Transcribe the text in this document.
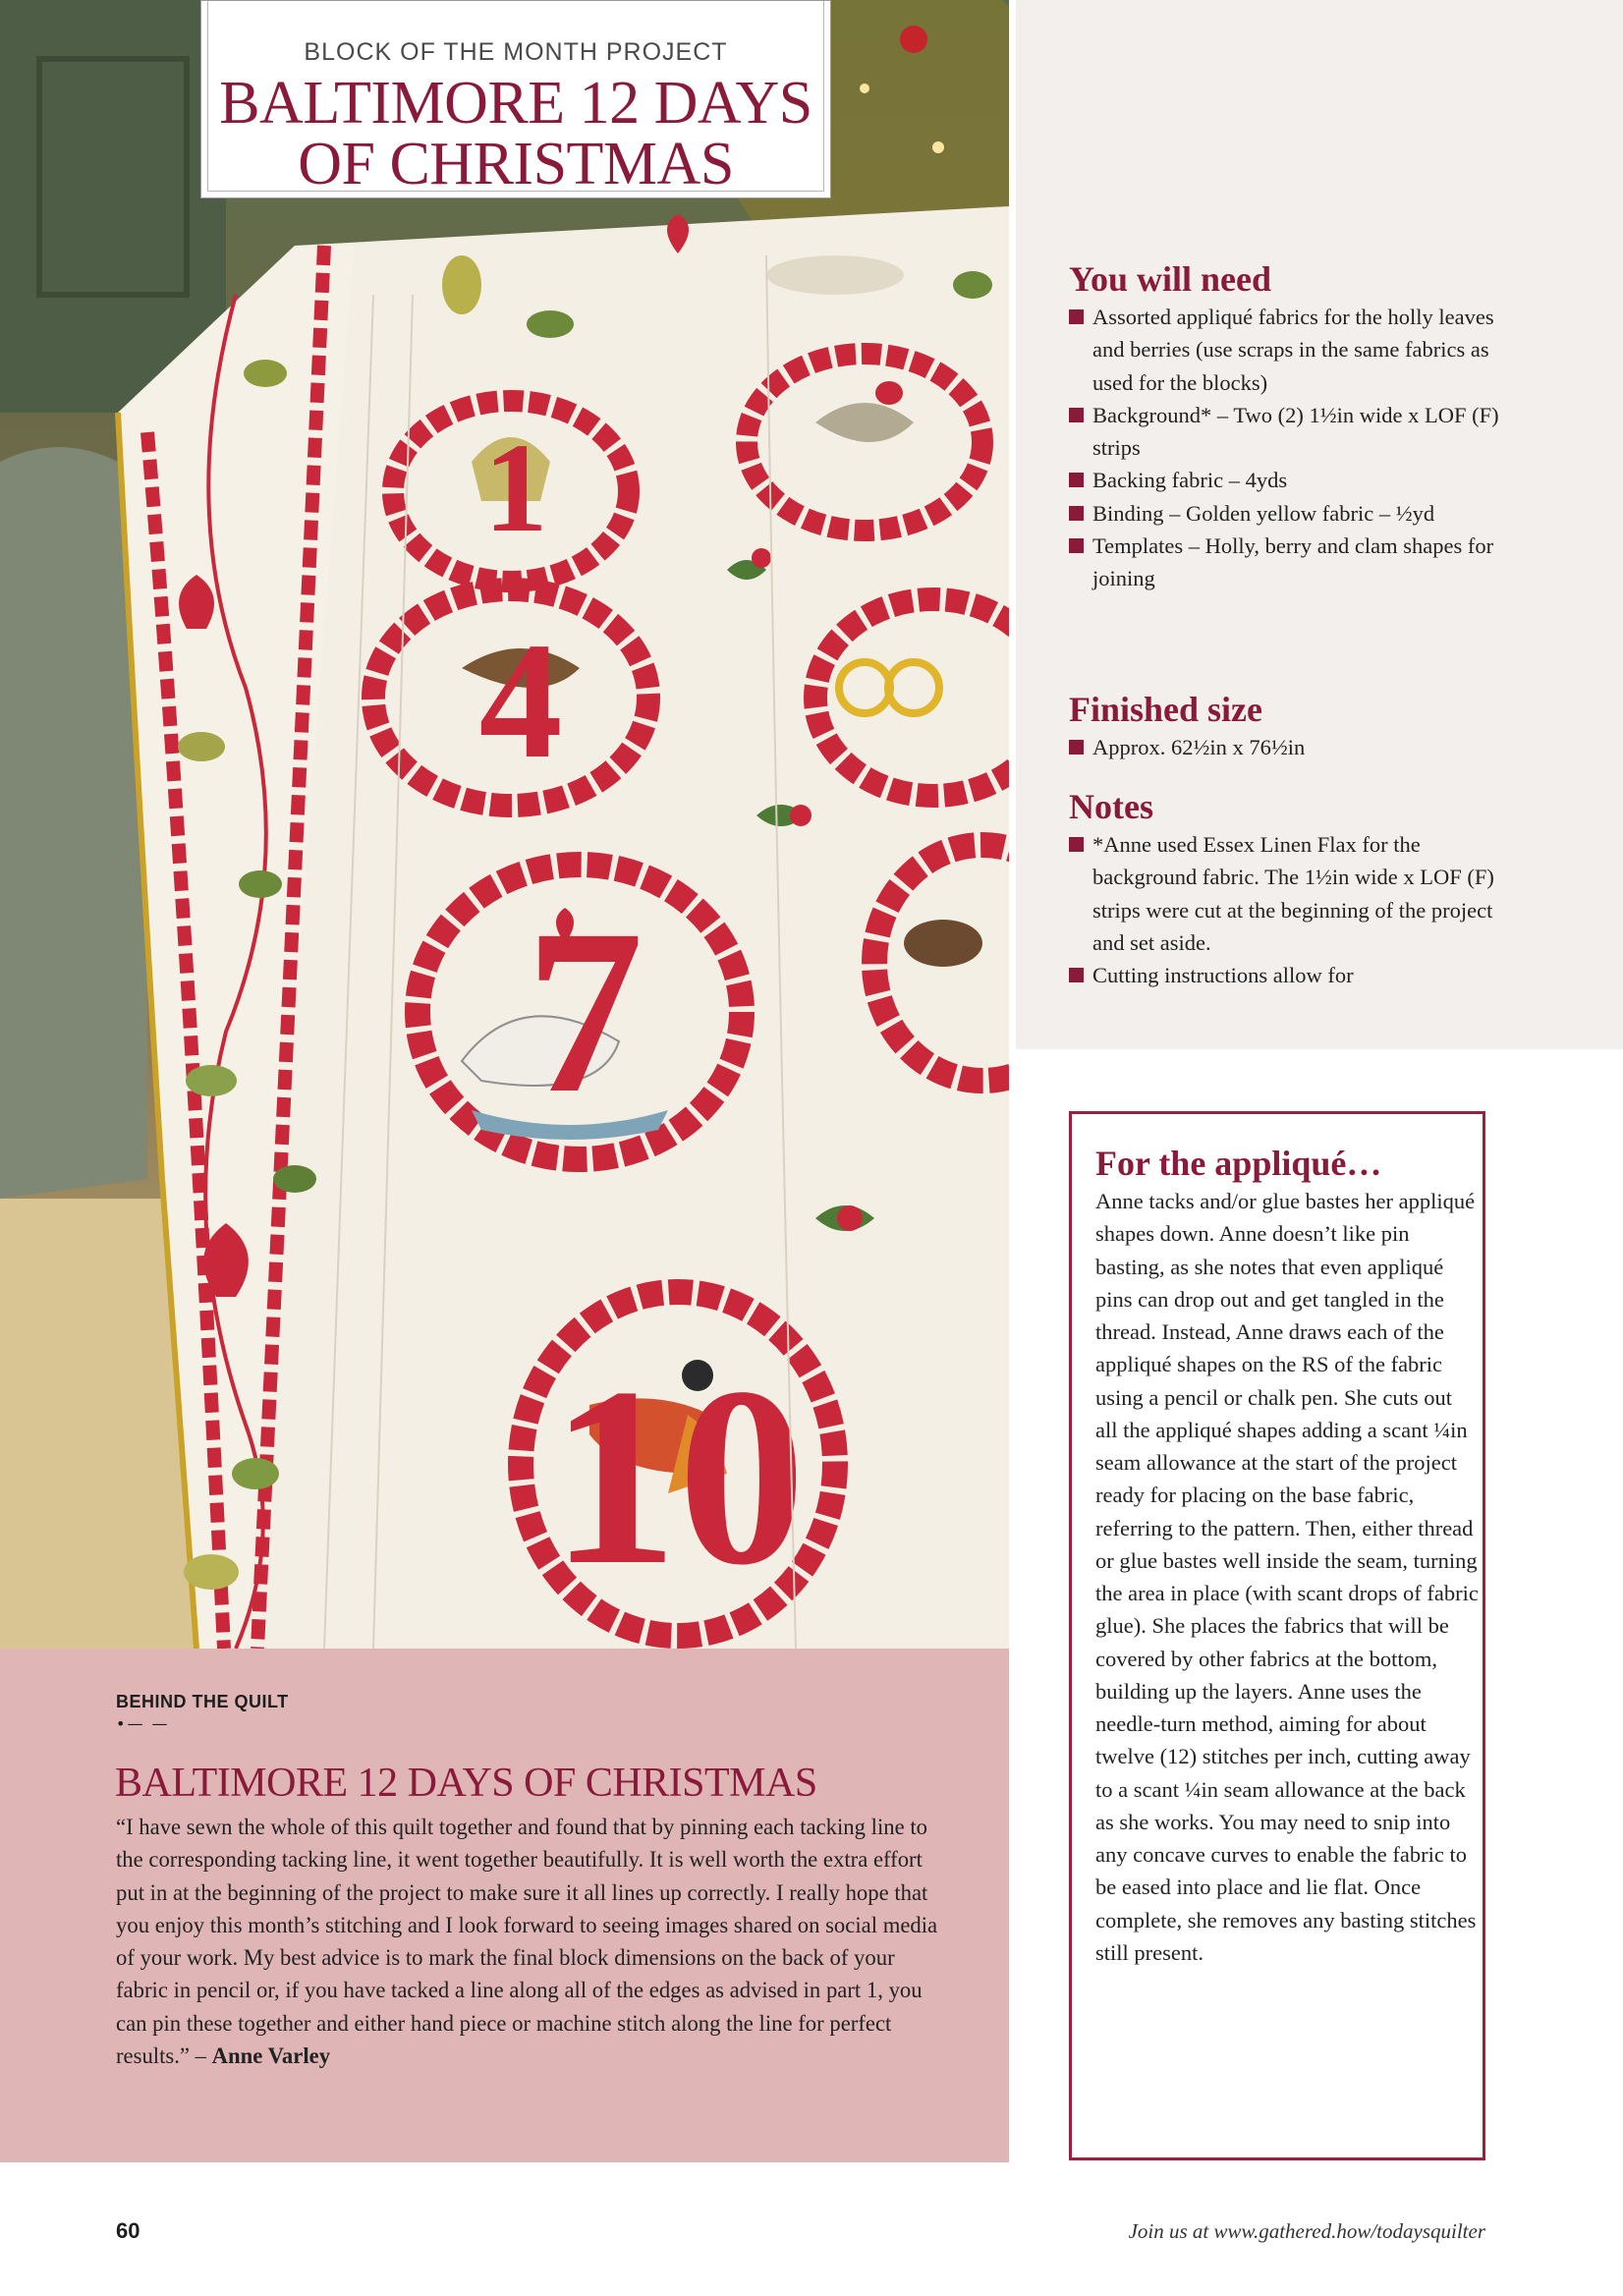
1
4
7
10
BLOCK OF THE MONTH PROJECT
BALTIMORE 12 DAYS
OF CHRISTMAS
You will need
Assorted appliqué fabrics for the holly leaves and berries (use scraps in the same fabrics as used for the blocks)
Background* – Two (2) 1½in wide x LOF (F) strips
Backing fabric – 4yds
Binding – Golden yellow fabric – ½yd
Templates – Holly, berry and clam shapes for joining
Finished size
Approx. 62½in x 76½in
Notes
*Anne used Essex Linen Flax for the background fabric. The 1½in wide x LOF (F) strips were cut at the beginning of the project and set aside.
Cutting instructions allow for
For the appliqué…

Anne tacks and/or glue bastes her appliqué shapes down. Anne doesn’t like pin basting, as she notes that even appliqué pins can drop out and get tangled in the thread. Instead, Anne draws each of the appliqué shapes on the RS of the fabric using a pencil or chalk pen. She cuts out all the appliqué shapes adding a scant ¼in seam allowance at the start of the project ready for placing on the base fabric, referring to the pattern. Then, either thread or glue bastes well inside the seam, turning the area in place (with scant drops of fabric glue). She places the fabrics that will be covered by other fabrics at the bottom, building up the layers. Anne uses the needle-turn method, aiming for about twelve (12) stitches per inch, cutting away to a scant ¼in seam allowance at the back as she works. You may need to snip into any concave curves to enable the fabric to be eased into place and lie flat. Once complete, she removes any basting stitches still present.

BEHIND THE QUILT
•— —
BALTIMORE 12 DAYS OF CHRISTMAS

“I have sewn the whole of this quilt together and found that by pinning each tacking line to the corresponding tacking line, it went together beautifully. It is well worth the extra effort put in at the beginning of the project to make sure it all lines up correctly. I really hope that you enjoy this month’s stitching and I look forward to seeing images shared on social media of your work. My best advice is to mark the final block dimensions on the back of your fabric in pencil or, if you have tacked a line along all of the edges as advised in part 1, you can pin these together and either hand piece or machine stitch along the line for perfect results.” – Anne Varley

60	Join us at www.gathered.how/todaysquilter
